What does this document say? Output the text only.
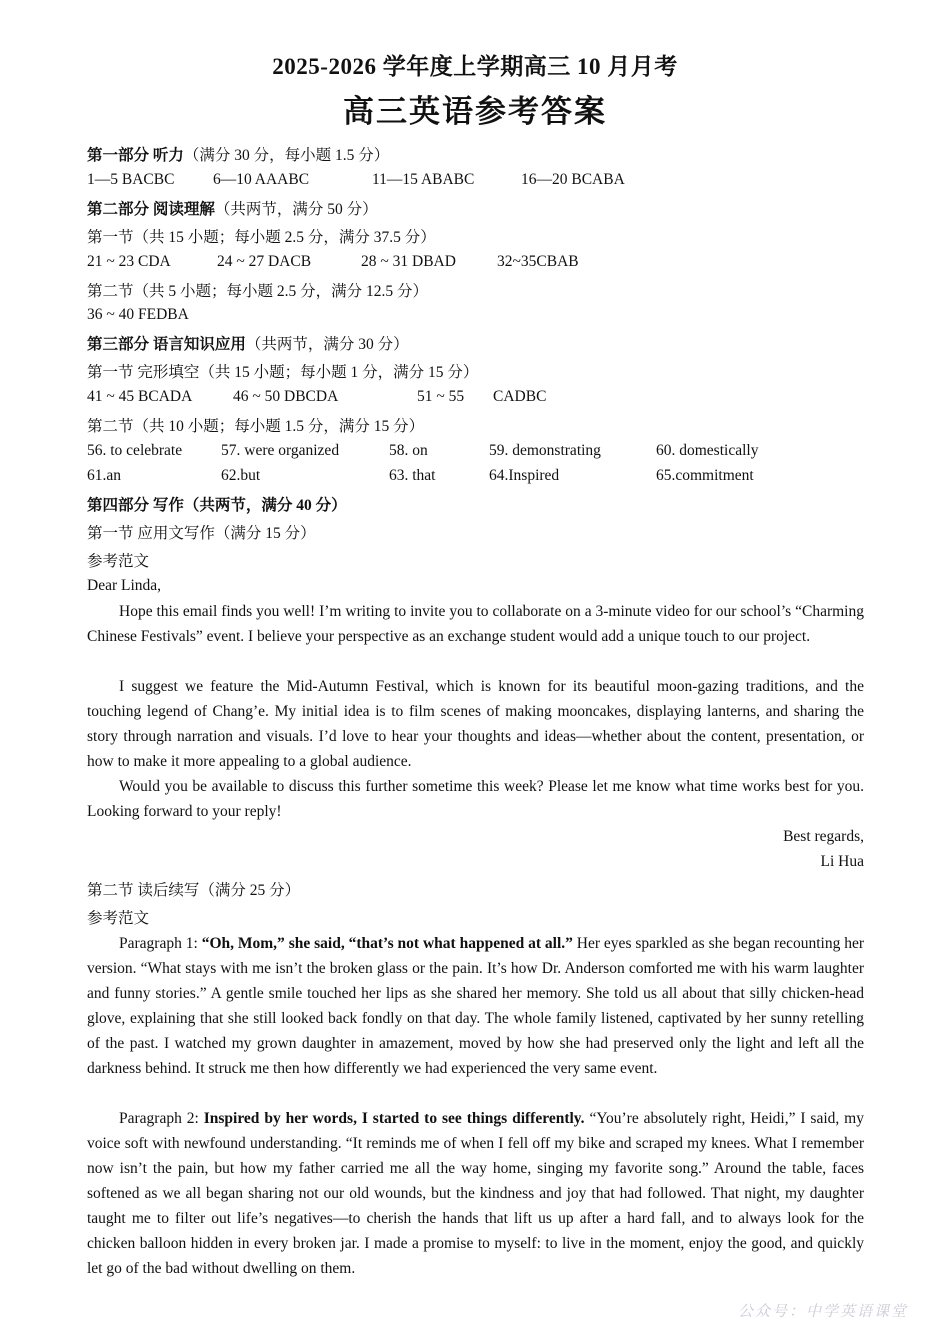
2025-2026 学年度上学期高三 10 月月考
高三英语参考答案
第一部分 听力（满分 30 分，每小题 1.5 分）
1—5 BACBC 6—10 AAABC	11—15 ABABC	16—20 BCABA
第二部分 阅读理解（共两节，满分 50 分）
第一节（共 15 小题；每小题 2.5 分，满分 37.5 分）
21 ~ 23 CDA	24 ~ 27 DACB	28 ~ 31 DBAD	32~35CBAB
第二节（共 5 小题；每小题 2.5 分，满分 12.5 分）
36 ~ 40 FEDBA
第三部分 语言知识应用（共两节，满分 30 分）
第一节 完形填空（共 15 小题；每小题 1 分，满分 15 分）
41 ~ 45 BCADA	46 ~ 50 DBCDA	51 ~ 55 CADBC
第二节（共 10 小题；每小题 1.5 分，满分 15 分）
56. to celebrate	57. were organized	58. on	59. demonstrating	60. domestically
61.an	62.but	63. that	64.Inspired	65.commitment
第四部分 写作（共两节，满分 40 分）
第一节 应用文写作（满分 15 分）
参考范文
Dear Linda,
Hope this email finds you well! I’m writing to invite you to collaborate on a 3-minute video for our school’s “Charming Chinese Festivals” event. I believe your perspective as an exchange student would add a unique touch to our project.
I suggest we feature the Mid-Autumn Festival, which is known for its beautiful moon-gazing traditions, and the touching legend of Chang’e. My initial idea is to film scenes of making mooncakes, displaying lanterns, and sharing the story through narration and visuals. I’d love to hear your thoughts and ideas—whether about the content, presentation, or how to make it more appealing to a global audience.
Would you be available to discuss this further sometime this week? Please let me know what time works best for you. Looking forward to your reply!
Best regards,
Li Hua
第二节 读后续写（满分 25 分）
参考范文
Paragraph 1: “Oh, Mom,” she said, “that’s not what happened at all.” Her eyes sparkled as she began recounting her version. “What stays with me isn’t the broken glass or the pain. It’s how Dr. Anderson comforted me with his warm laughter and funny stories.” A gentle smile touched her lips as she shared her memory. She told us all about that silly chicken-head glove, explaining that she still looked back fondly on that day. The whole family listened, captivated by her sunny retelling of the past. I watched my grown daughter in amazement, moved by how she had preserved only the light and left all the darkness behind. It struck me then how differently we had experienced the very same event.
Paragraph 2: Inspired by her words, I started to see things differently. “You’re absolutely right, Heidi,” I said, my voice soft with newfound understanding. “It reminds me of when I fell off my bike and scraped my knees. What I remember now isn’t the pain, but how my father carried me all the way home, singing my favorite song.” Around the table, faces softened as we all began sharing not our old wounds, but the kindness and joy that had followed. That night, my daughter taught me to filter out life’s negatives—to cherish the hands that lift us up after a hard fall, and to always look for the chicken balloon hidden in every broken jar. I made a promise to myself: to live in the moment, enjoy the good, and quickly let go of the bad without dwelling on them.
公众号：中学英语课堂
